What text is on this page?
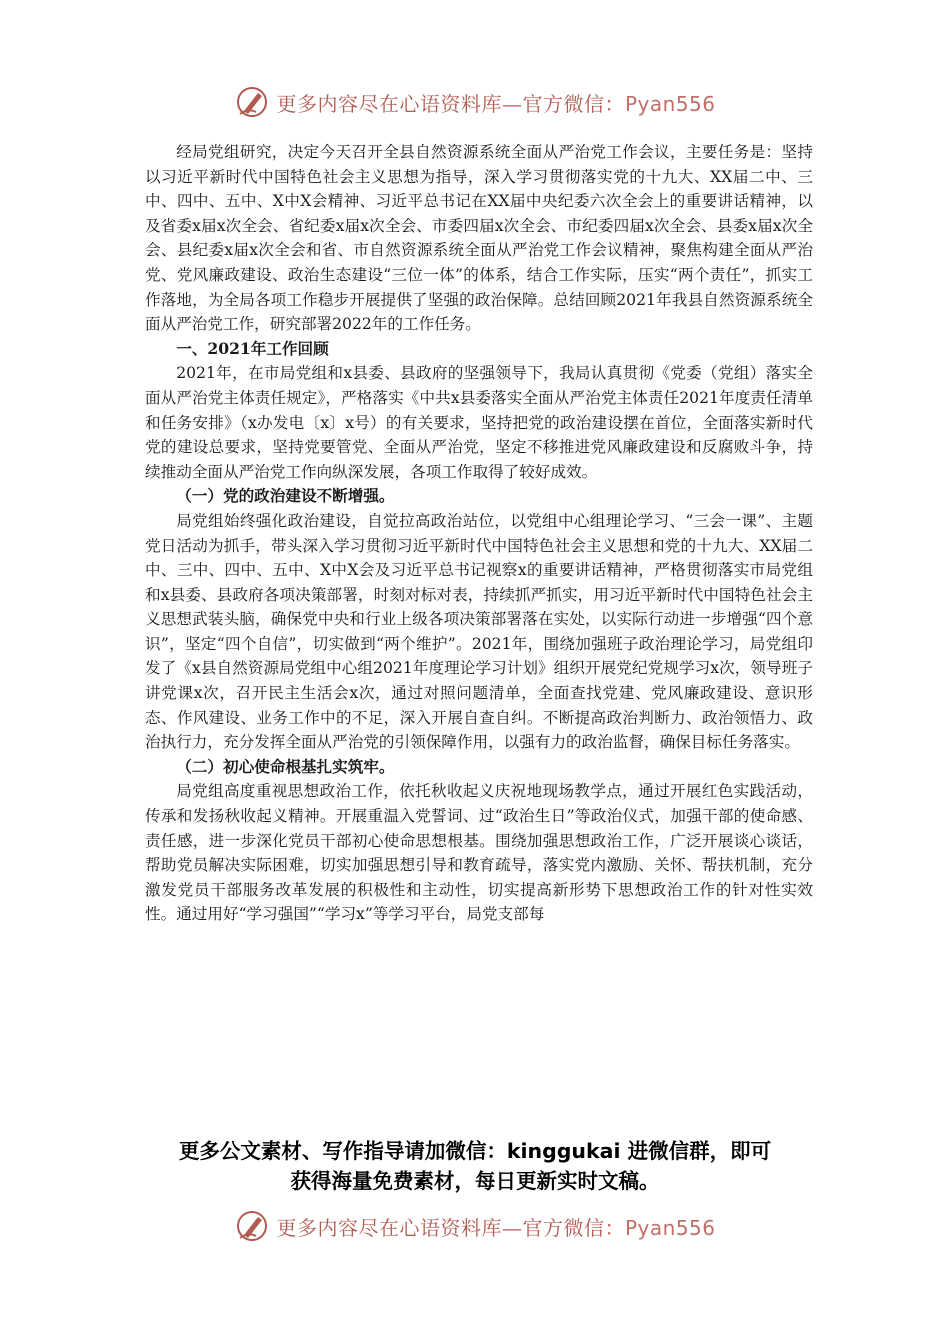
更多内容尽在心语资料库—官方微信：Pyan556

经局党组研究，决定今天召开全县自然资源系统全面从严治党工作会议，主要任务是：坚持以习近平新时代中国特色社会主义思想为指导，深入学习贯彻落实党的十九大、XX届二中、三中、四中、五中、X中X会精神、习近平总书记在XX届中央纪委六次全会上的重要讲话精神，以及省委x届x次全会、省纪委x届x次全会、市委四届x次全会、市纪委四届x次全会、县委x届x次全会、县纪委x届x次全会和省、市自然资源系统全面从严治党工作会议精神，聚焦构建全面从严治党、党风廉政建设、政治生态建设“三位一体”的体系，结合工作实际，压实“两个责任”，抓实工作落地，为全局各项工作稳步开展提供了坚强的政治保障。总结回顾2021年我县自然资源系统全面从严治党工作，研究部署2022年的工作任务。

一、2021年工作回顾

2021年，在市局党组和x县委、县政府的坚强领导下，我局认真贯彻《党委（党组）落实全面从严治党主体责任规定》，严格落实《中共x县委落实全面从严治党主体责任2021年度责任清单和任务安排》（x办发电〔x〕x号）的有关要求，坚持把党的政治建设摆在首位，全面落实新时代党的建设总要求，坚持党要管党、全面从严治党，坚定不移推进党风廉政建设和反腐败斗争，持续推动全面从严治党工作向纵深发展，各项工作取得了较好成效。

（一）党的政治建设不断增强。

局党组始终强化政治建设，自觉拉高政治站位，以党组中心组理论学习、“三会一课”、主题党日活动为抓手，带头深入学习贯彻习近平新时代中国特色社会主义思想和党的十九大、XX届二中、三中、四中、五中、X中X会及习近平总书记视察x的重要讲话精神，严格贯彻落实市局党组和x县委、县政府各项决策部署，时刻对标对表，持续抓严抓实，用习近平新时代中国特色社会主义思想武装头脑，确保党中央和行业上级各项决策部署落在实处，以实际行动进一步增强“四个意识”，坚定“四个自信”，切实做到“两个维护”。2021年，围绕加强班子政治理论学习，局党组印发了《x县自然资源局党组中心组2021年度理论学习计划》组织开展党纪党规学习x次，领导班子讲党课x次，召开民主生活会x次，通过对照问题清单，全面查找党建、党风廉政建设、意识形态、作风建设、业务工作中的不足，深入开展自查自纠。不断提高政治判断力、政治领悟力、政治执行力，充分发挥全面从严治党的引领保障作用，以强有力的政治监督，确保目标任务落实。

（二）初心使命根基扎实筑牢。

局党组高度重视思想政治工作，依托秋收起义庆祝地现场教学点，通过开展红色实践活动，传承和发扬秋收起义精神。开展重温入党誓词、过“政治生日”等政治仪式，加强干部的使命感、责任感，进一步深化党员干部初心使命思想根基。围绕加强思想政治工作，广泛开展谈心谈话，帮助党员解决实际困难，切实加强思想引导和教育疏导，落实党内激励、关怀、帮扶机制，充分激发党员干部服务改革发展的积极性和主动性，切实提高新形势下思想政治工作的针对性实效性。通过用好“学习强国”“学习x”等学习平台，局党支部每

更多公文素材、写作指导请加微信：kinggukai 进微信群，即可
获得海量免费素材，每日更新实时文稿。
更多内容尽在心语资料库—官方微信：Pyan556
